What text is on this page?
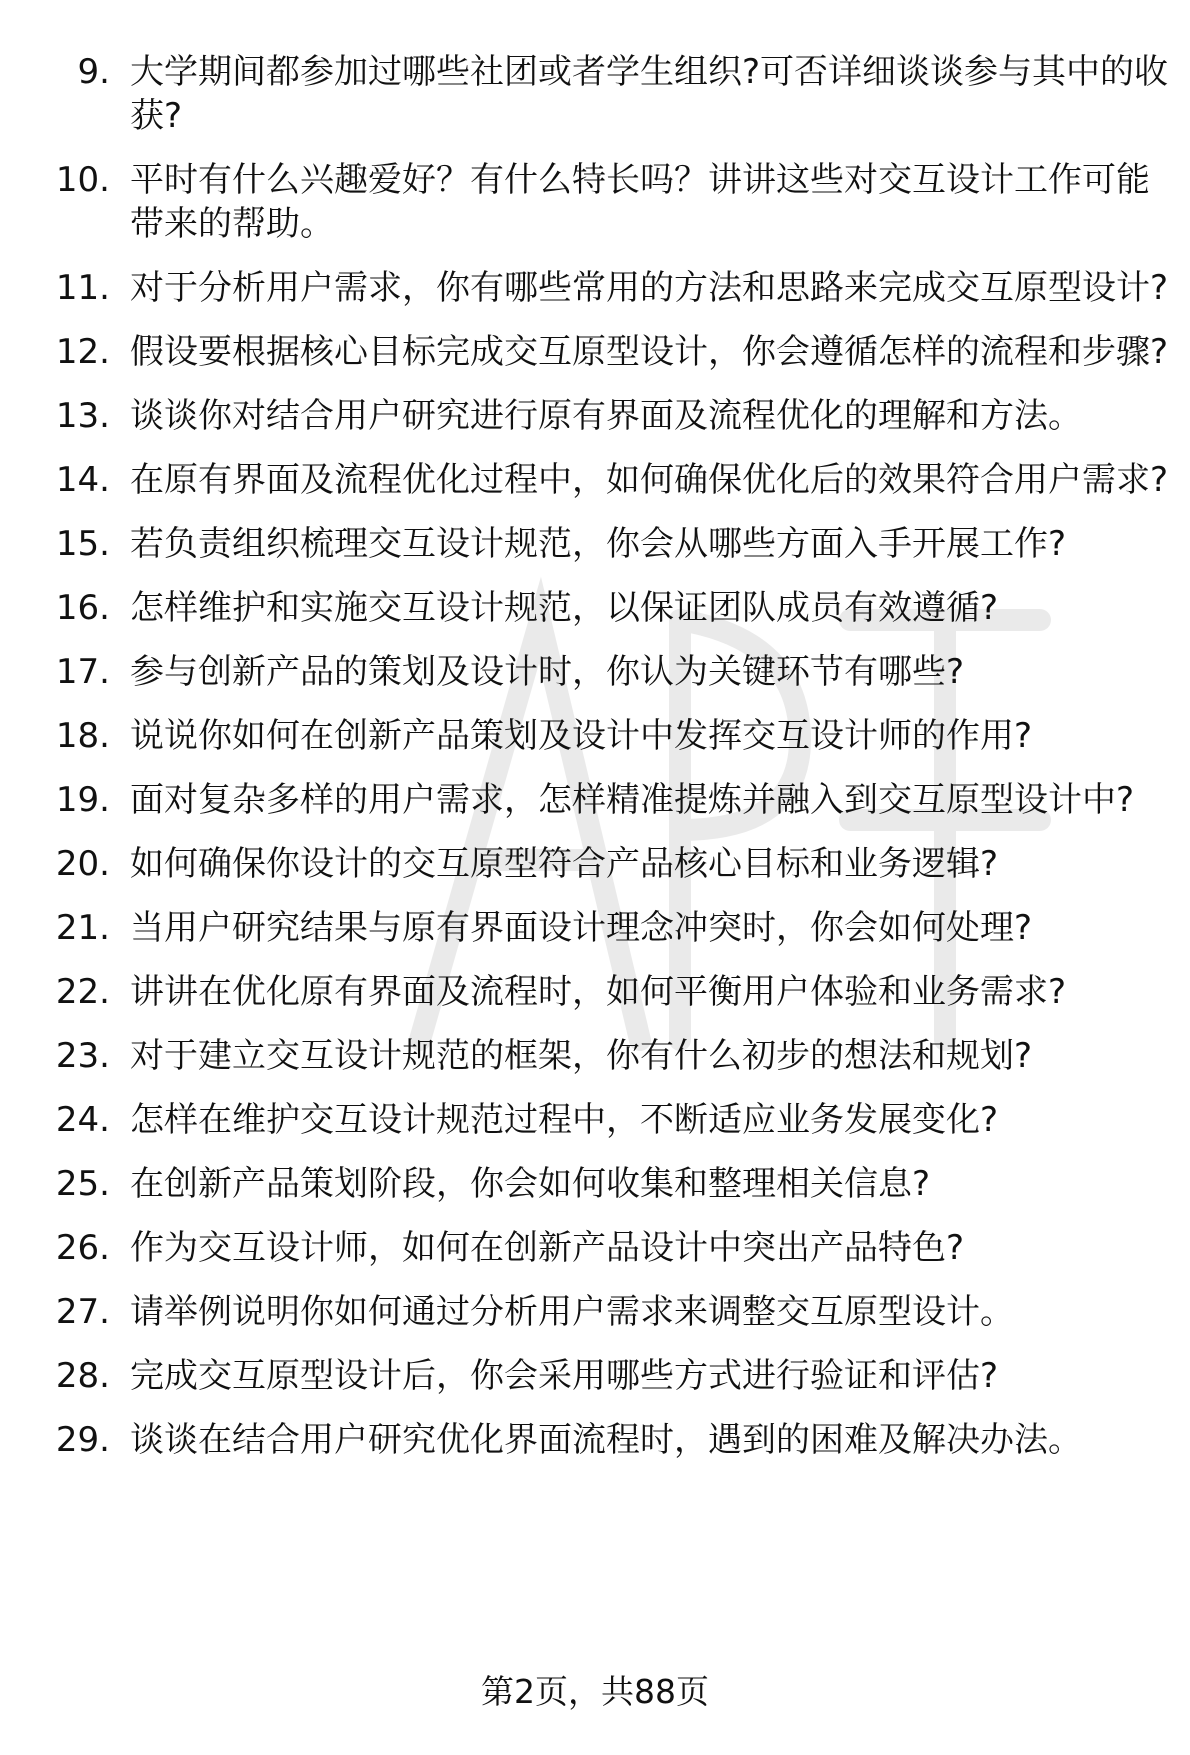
9. 大学期间都参加过哪些社团或者学生组织?可否详细谈谈参与其中的收获?
10. 平时有什么兴趣爱好？有什么特长吗？讲讲这些对交互设计工作可能带来的帮助。
11. 对于分析用户需求，你有哪些常用的方法和思路来完成交互原型设计?
12. 假设要根据核心目标完成交互原型设计，你会遵循怎样的流程和步骤?
13. 谈谈你对结合用户研究进行原有界面及流程优化的理解和方法。
14. 在原有界面及流程优化过程中，如何确保优化后的效果符合用户需求?
15. 若负责组织梳理交互设计规范，你会从哪些方面入手开展工作?
16. 怎样维护和实施交互设计规范，以保证团队成员有效遵循?
17. 参与创新产品的策划及设计时，你认为关键环节有哪些?
18. 说说你如何在创新产品策划及设计中发挥交互设计师的作用?
19. 面对复杂多样的用户需求，怎样精准提炼并融入到交互原型设计中?
20. 如何确保你设计的交互原型符合产品核心目标和业务逻辑?
21. 当用户研究结果与原有界面设计理念冲突时，你会如何处理?
22. 讲讲在优化原有界面及流程时，如何平衡用户体验和业务需求?
23. 对于建立交互设计规范的框架，你有什么初步的想法和规划?
24. 怎样在维护交互设计规范过程中，不断适应业务发展变化?
25. 在创新产品策划阶段，你会如何收集和整理相关信息?
26. 作为交互设计师，如何在创新产品设计中突出产品特色?
27. 请举例说明你如何通过分析用户需求来调整交互原型设计。
28. 完成交互原型设计后，你会采用哪些方式进行验证和评估?
29. 谈谈在结合用户研究优化界面流程时，遇到的困难及解决办法。
第2页，共88页
